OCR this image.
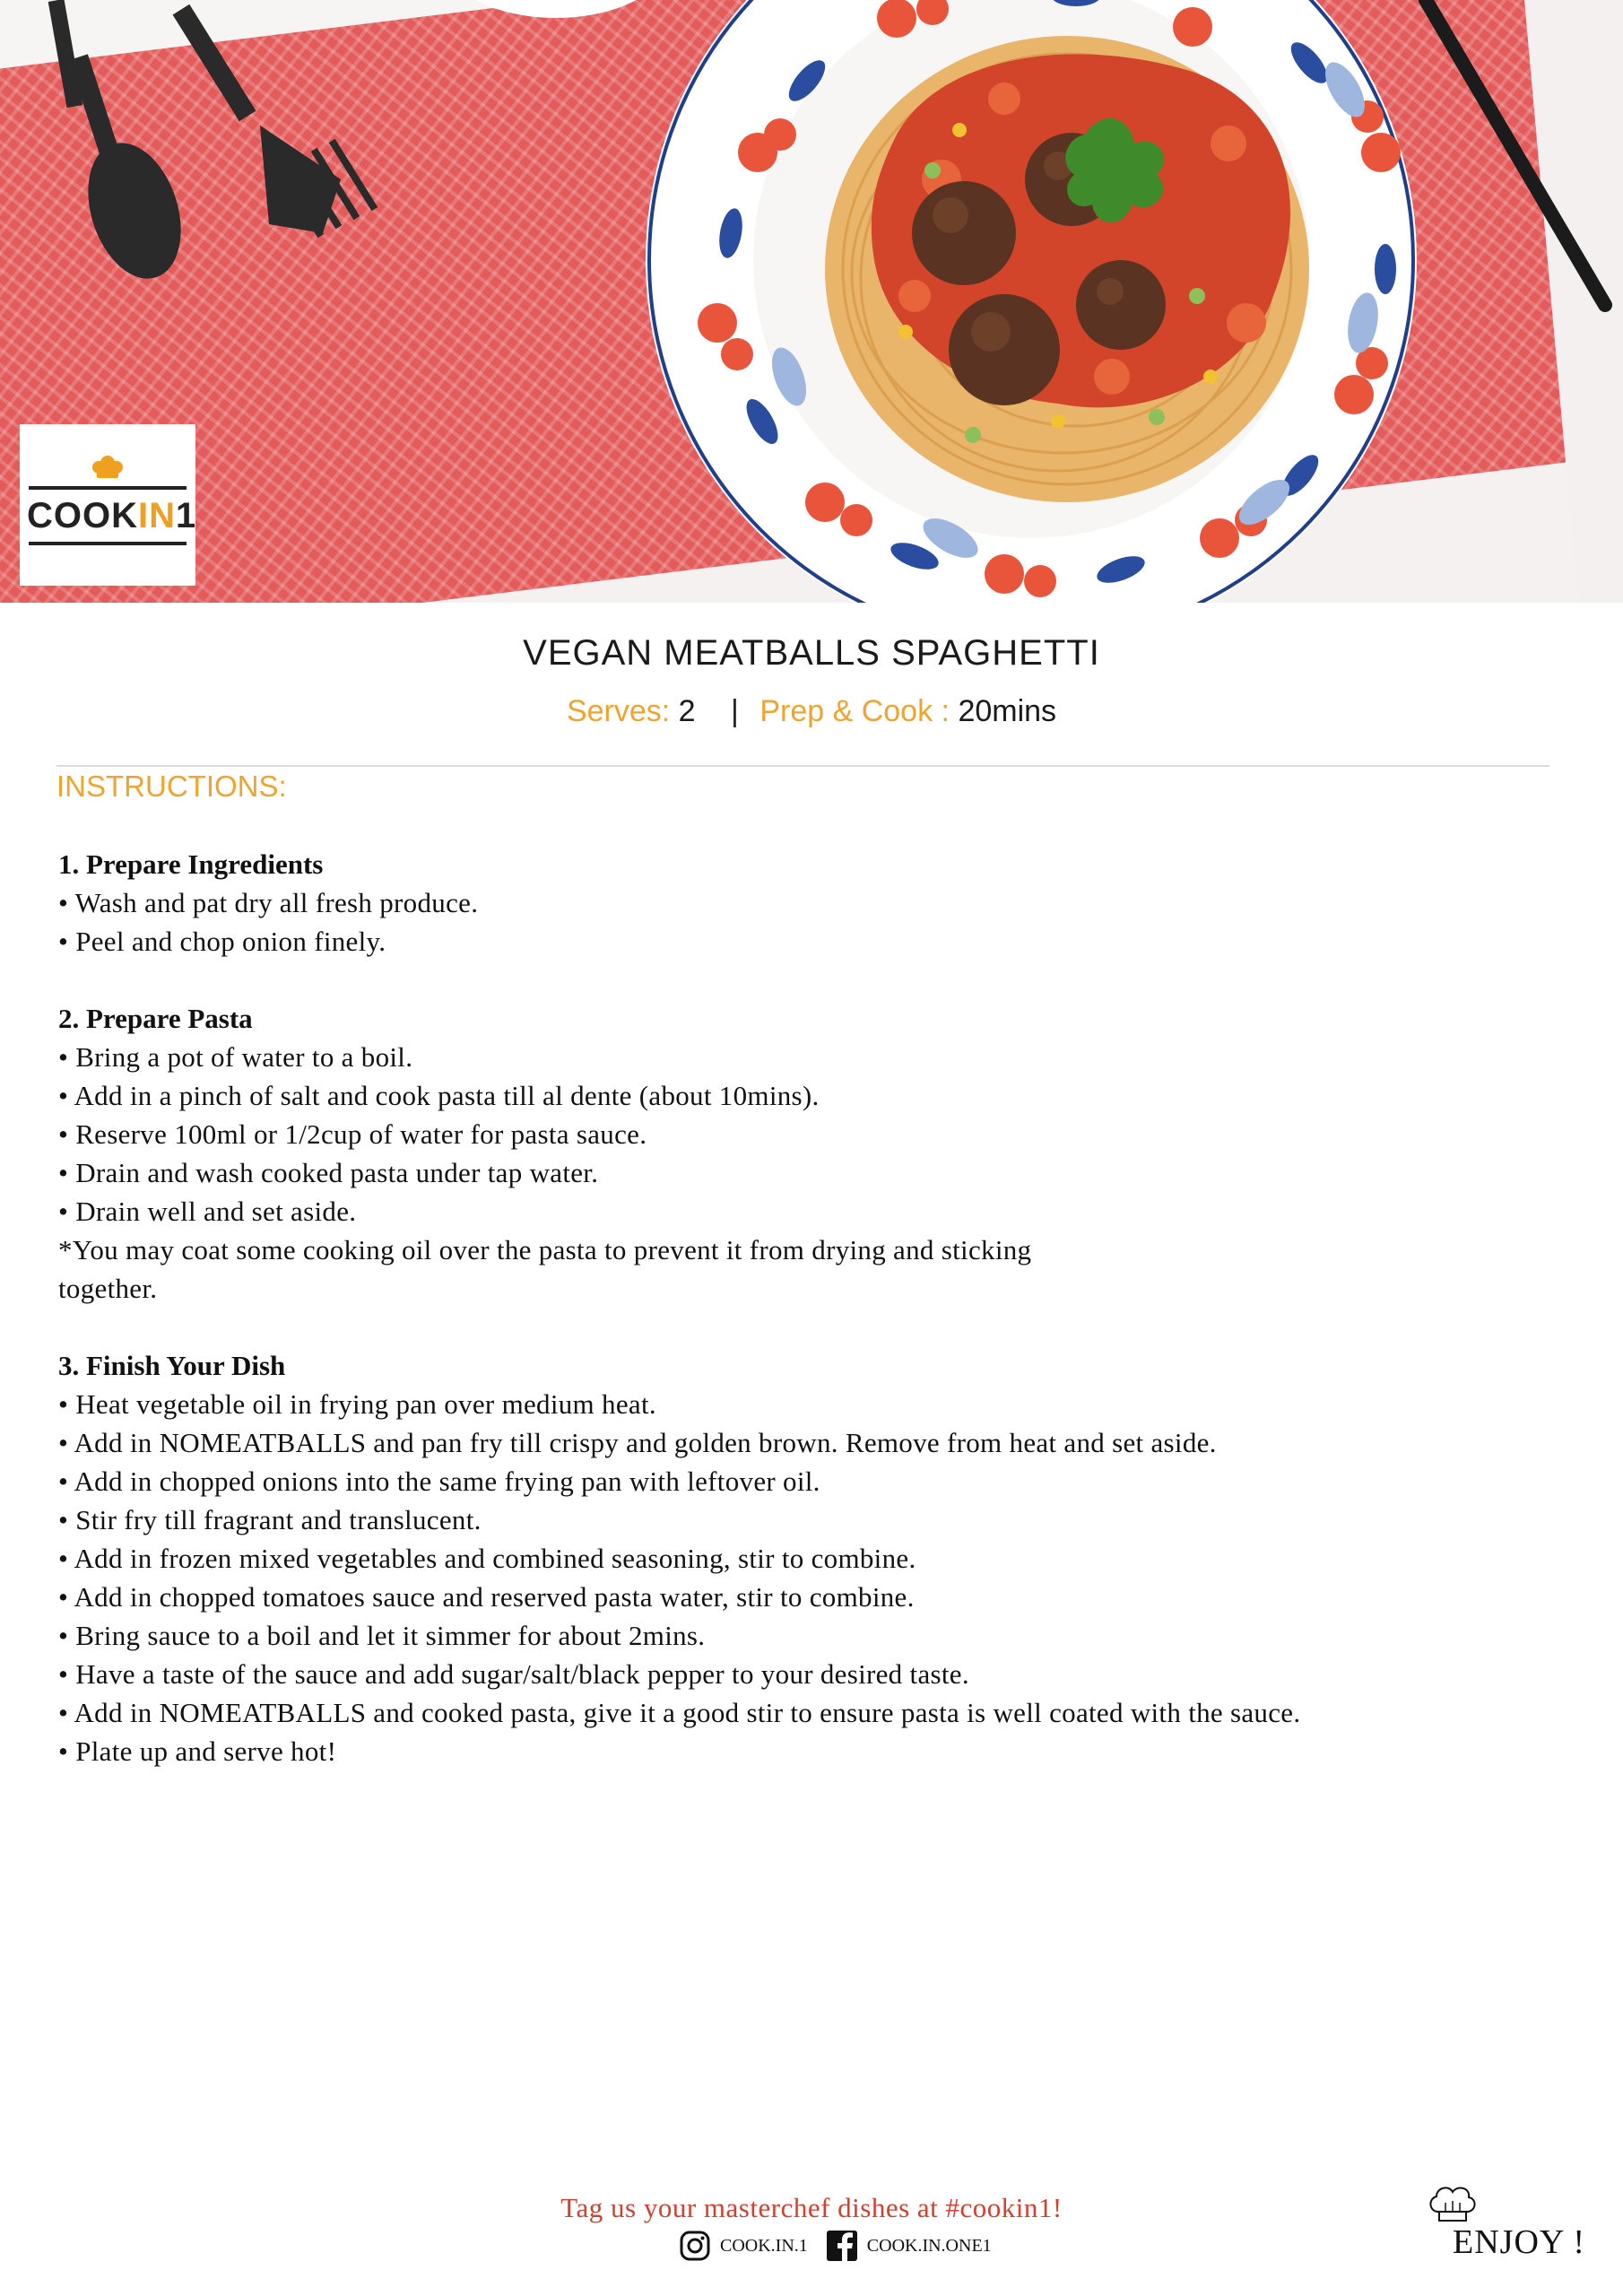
COOKIN1
VEGAN MEATBALLS SPAGHETTI
Serves: 2 | Prep & Cook : 20mins
INSTRUCTIONS:
1. Prepare Ingredients
• Wash and pat dry all fresh produce.
• Peel and chop onion finely.
2. Prepare Pasta
• Bring a pot of water to a boil.
• Add in a pinch of salt and cook pasta till al dente (about 10mins).
• Reserve 100ml or 1/2cup of water for pasta sauce.
• Drain and wash cooked pasta under tap water.
• Drain well and set aside.
*You may coat some cooking oil over the pasta to prevent it from drying and sticking together.
3. Finish Your Dish
• Heat vegetable oil in frying pan over medium heat.
• Add in NOMEATBALLS and pan fry till crispy and golden brown. Remove from heat and set aside.
• Add in chopped onions into the same frying pan with leftover oil.
• Stir fry till fragrant and translucent.
• Add in frozen mixed vegetables and combined seasoning, stir to combine.
• Add in chopped tomatoes sauce and reserved pasta water, stir to combine.
• Bring sauce to a boil and let it simmer for about 2mins.
• Have a taste of the sauce and add sugar/salt/black pepper to your desired taste.
• Add in NOMEATBALLS and cooked pasta, give it a good stir to ensure pasta is well coated with the sauce.
• Plate up and serve hot!
Tag us your masterchef dishes at #cookin1!
COOK.IN.1	COOK.IN.ONE1	ENJOY !
